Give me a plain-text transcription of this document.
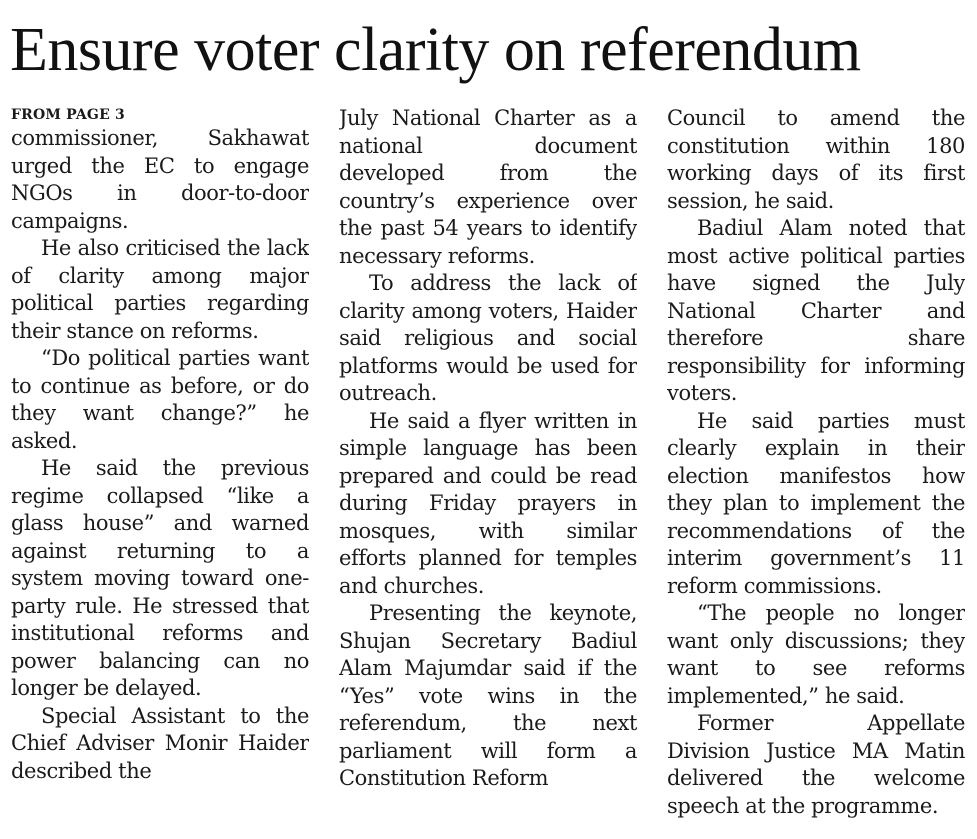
Ensure voter clarity on referendum
FROM PAGE 3

commissioner, Sakhawat urged the EC to engage NGOs in door-to-door campaigns.

He also criticised the lack of clarity among major political parties regarding their stance on reforms.

“Do political parties want to continue as before, or do they want change?” he asked.

He said the previous regime collapsed “like a glass house” and warned against returning to a system moving toward one-party rule. He stressed that institutional reforms and power balancing can no longer be delayed.

Special Assistant to the Chief Adviser Monir Haider described the

July National Charter as a national document developed from the country’s experience over the past 54 years to identify necessary reforms.

To address the lack of clarity among voters, Haider said religious and social platforms would be used for outreach.

He said a flyer written in simple language has been prepared and could be read during Friday prayers in mosques, with similar efforts planned for temples and churches.

Presenting the keynote, Shujan Secretary Badiul Alam Majumdar said if the “Yes” vote wins in the referendum, the next parliament will form a Constitution Reform

Council to amend the constitution within 180 working days of its first session, he said.

Badiul Alam noted that most active political parties have signed the July National Charter and therefore share responsibility for informing voters.

He said parties must clearly explain in their election manifestos how they plan to implement the recommendations of the interim government’s 11 reform commissions.

“The people no longer want only discussions; they want to see reforms implemented,” he said.

Former Appellate Division Justice MA Matin delivered the welcome speech at the programme.
